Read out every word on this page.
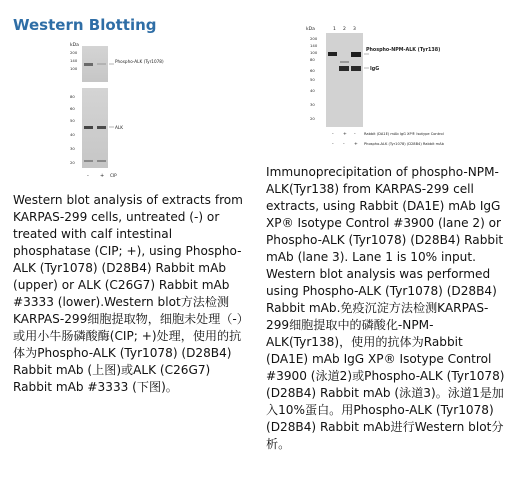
Western Blotting
kDa
200
140
100
80
60
50
40
30
20
Phospho-ALK (Tyr1078)
ALK
- + CIP
kDa	1 2 3
200
140
100
80
60
50
40
30
20
Phospho-NPM-ALK (Tyr138)
IgG
- + - Rabbit (DA1E) mAb IgG XP® Isotype Control
- - + Phospho-ALK (Tyr1078) (D28B4) Rabbit mAb

Western blot analysis of extracts from KARPAS-299 cells, untreated (-) or treated with calf intestinal phosphatase (CIP; +), using Phospho-ALK (Tyr1078) (D28B4) Rabbit mAb (upper) or ALK (C26G7) Rabbit mAb #3333 (lower).Western blot方法检测KARPAS-299细胞提取物，细胞未处理（-）或用小牛肠磷酸酶(CIP; +)处理，使用的抗体为Phospho-ALK (Tyr1078) (D28B4) Rabbit mAb (上图)或ALK (C26G7) Rabbit mAb #3333 (下图)。

Immunoprecipitation of phospho-NPM-ALK(Tyr138) from KARPAS-299 cell extracts, using Rabbit (DA1E) mAb IgG XP® Isotype Control #3900 (lane 2) or Phospho-ALK (Tyr1078) (D28B4) Rabbit mAb (lane 3). Lane 1 is 10% input. Western blot analysis was performed using Phospho-ALK (Tyr1078) (D28B4) Rabbit mAb.免疫沉淀方法检测KARPAS-299细胞提取中的磷酸化-NPM-ALK(Tyr138)，使用的抗体为Rabbit (DA1E) mAb IgG XP® Isotype Control #3900 (泳道2)或Phospho-ALK (Tyr1078) (D28B4) Rabbit mAb (泳道3)。泳道1是加入10%蛋白。用Phospho-ALK (Tyr1078) (D28B4) Rabbit mAb进行Western blot分析。
